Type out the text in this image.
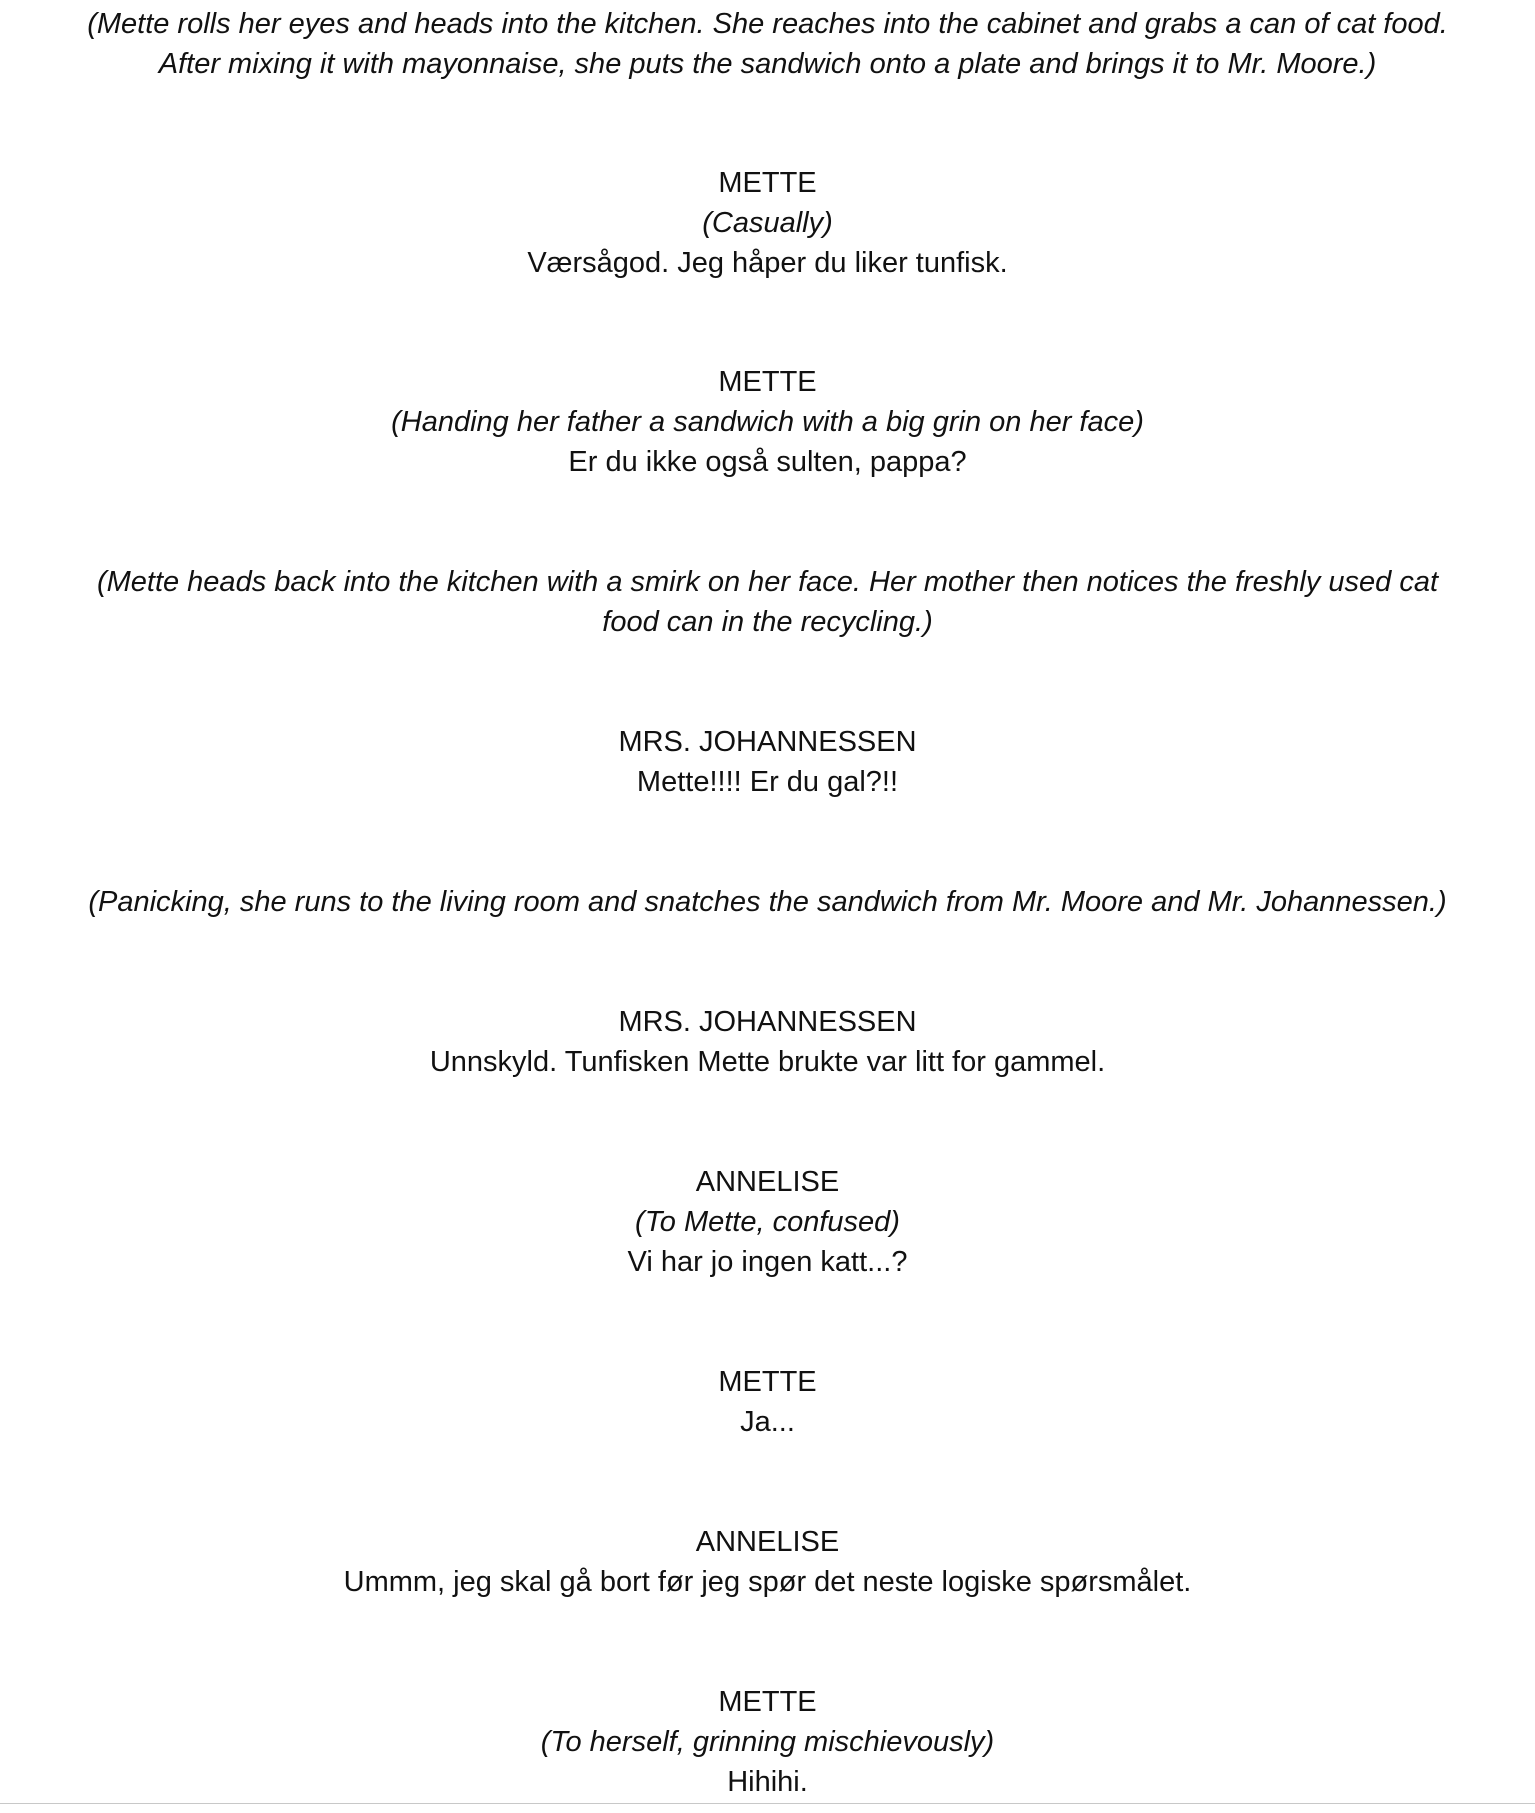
(Mette rolls her eyes and heads into the kitchen. She reaches into the cabinet and grabs a can of cat food.
After mixing it with mayonnaise, she puts the sandwich onto a plate and brings it to Mr. Moore.)
METTE
(Casually)
Værsågod. Jeg håper du liker tunfisk.
METTE
(Handing her father a sandwich with a big grin on her face)
Er du ikke også sulten, pappa?
(Mette heads back into the kitchen with a smirk on her face. Her mother then notices the freshly used cat
food can in the recycling.)
MRS. JOHANNESSEN
Mette!!!! Er du gal?!!
(Panicking, she runs to the living room and snatches the sandwich from Mr. Moore and Mr. Johannessen.)
MRS. JOHANNESSEN
Unnskyld. Tunfisken Mette brukte var litt for gammel.
ANNELISE
(To Mette, confused)
Vi har jo ingen katt...?
METTE
Ja...
ANNELISE
Ummm, jeg skal gå bort før jeg spør det neste logiske spørsmålet.
METTE
(To herself, grinning mischievously)
Hihihi.
